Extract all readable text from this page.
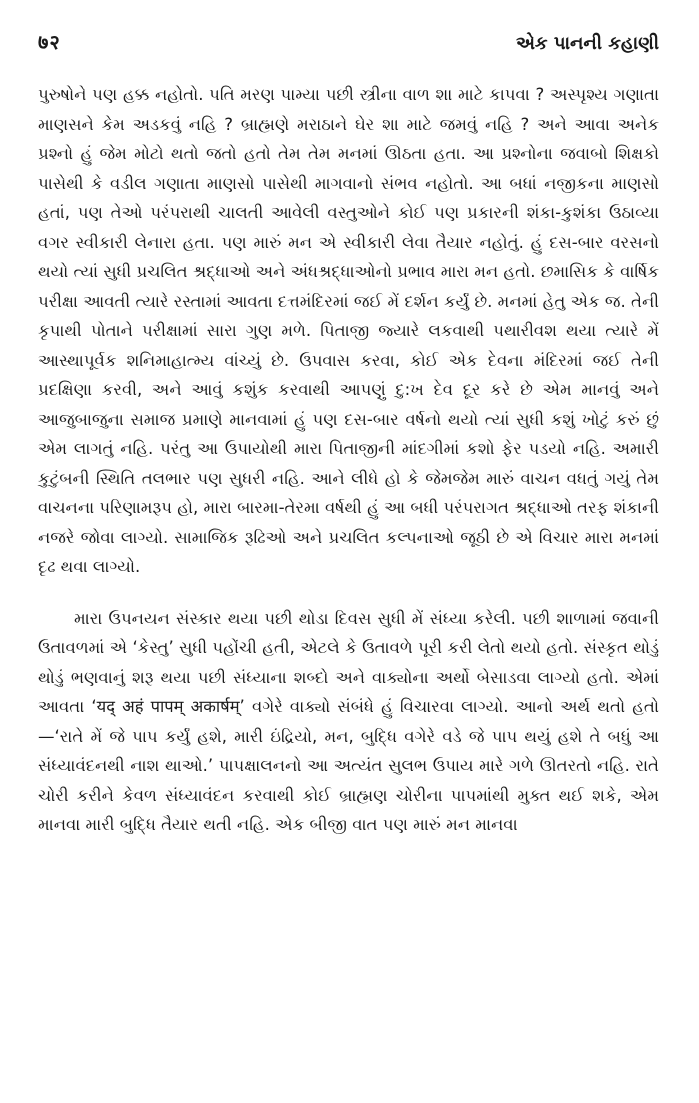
७२	એક પાનની કહાણી

પુરુષોને પણ હક્ક નહોતો. પતિ મરણ પામ્યા પછી સ્ત્રીના વાળ શા માટે કાપવા ? અસ્પૃશ્ય ગણાતા માણસને કેમ અડકવું નહિ ? બ્રાહ્મણે મરાઠાને ઘેર શા માટે જમવું નહિ ? અને આવા અનેક પ્રશ્નો હું જેમ મોટો થતો જતો હતો તેમ તેમ મનમાં ઊઠતા હતા. આ પ્રશ્નોના જવાબો શિક્ષકો પાસેથી કે વડીલ ગણાતા માણસો પાસેથી માગવાનો સંભવ નહોતો. આ બધાં નજીકના માણસો હતાં, પણ તેઓ પરંપરાથી ચાલતી આવેલી વસ્તુઓને કોઈ પણ પ્રકારની શંકા-કુશંકા ઉઠાવ્યા વગર સ્વીકારી લેનારા હતા. પણ મારું મન એ સ્વીકારી લેવા તૈયાર નહોતું. હું દસ-બાર વરસનો થયો ત્યાં સુધી પ્રચલિત શ્રદ્ધાઓ અને અંધશ્રદ્ધાઓનો પ્રભાવ મારા મન હતો. છમાસિક કે વાર્ષિક પરીક્ષા આવતી ત્યારે રસ્તામાં આવતા દત્તમંદિરમાં જઈ મેં દર્શન કર્યું છે. મનમાં હેતુ એક જ. તેની કૃપાથી પોતાને પરીક્ષામાં સારા ગુણ મળે. પિતાજી જ્યારે લકવાથી પથારીવશ થયા ત્યારે મેં આસ્થાપૂર્વક શનિમાહાત્મ્ય વાંચ્યું છે. ઉપવાસ કરવા, કોઈ એક દેવના મંદિરમાં જઈ તેની પ્રદક્ષિણા કરવી, અને આવું કશુંક કરવાથી આપણું દુ:ખ દેવ દૂર કરે છે એમ માનવું અને આજુબાજુના સમાજ પ્રમાણે માનવામાં હું પણ દસ-બાર વર્ષનો થયો ત્યાં સુધી કશું ખોટું કરું છું એમ લાગતું નહિ. પરંતુ આ ઉપાયોથી મારા પિતાજીની માંદગીમાં કશો ફેર પડયો નહિ. અમારી કુટુંબની સ્થિતિ તલભાર પણ સુધરી નહિ. આને લીધે હો કે જેમજેમ મારું વાચન વધતું ગયું તેમ વાચનના પરિણામરૂપ હો, મારા બારમા-તેરમા વર્ષથી હું આ બધી પરંપરાગત શ્રદ્ધાઓ તરફ શંકાની નજરે જોવા લાગ્યો. સામાજિક રૂઢિઓ અને પ્રચલિત કલ્પનાઓ જૂઠી છે એ વિચાર મારા મનમાં દૃઢ થવા લાગ્યો.

મારા ઉપનયન સંસ્કાર થયા પછી થોડા દિવસ સુધી મેં સંધ્યા કરેલી. પછી શાળામાં જવાની ઉતાવળમાં એ ‘કેસ્તુ’ સુધી પહોંચી હતી, એટલે કે ઉતાવળે પૂરી કરી લેતો થયો હતો. સંસ્કૃત થોડું થોડું ભણવાનું શરૂ થયા પછી સંધ્યાના શબ્દો અને વાક્યોના અર્થો બેસાડવા લાગ્યો હતો. એમાં આવતા ‘यद् अहं पापम् अकार्षम्’ વગેરે વાક્યો સંબંધે હું વિચારવા લાગ્યો. આનો અર્થ થતો હતો—‘રાતે મેં જે પાપ કર્યું હશે, મારી ઇંદ્રિયો, મન, બુદ્ધિ વગેરે વડે જે પાપ થયું હશે તે બધું આ સંધ્યાવંદનથી નાશ થાઓ.’ પાપક્ષાલનનો આ અત્યંત સુલભ ઉપાય મારે ગળે ઊતરતો નહિ. રાતે ચોરી કરીને કેવળ સંધ્યાવંદન કરવાથી કોઈ બ્રાહ્મણ ચોરીના પાપમાંથી મુક્ત થઈ શકે, એમ માનવા મારી બુદ્ધિ તૈયાર થતી નહિ. એક બીજી વાત પણ મારું મન માનવા
